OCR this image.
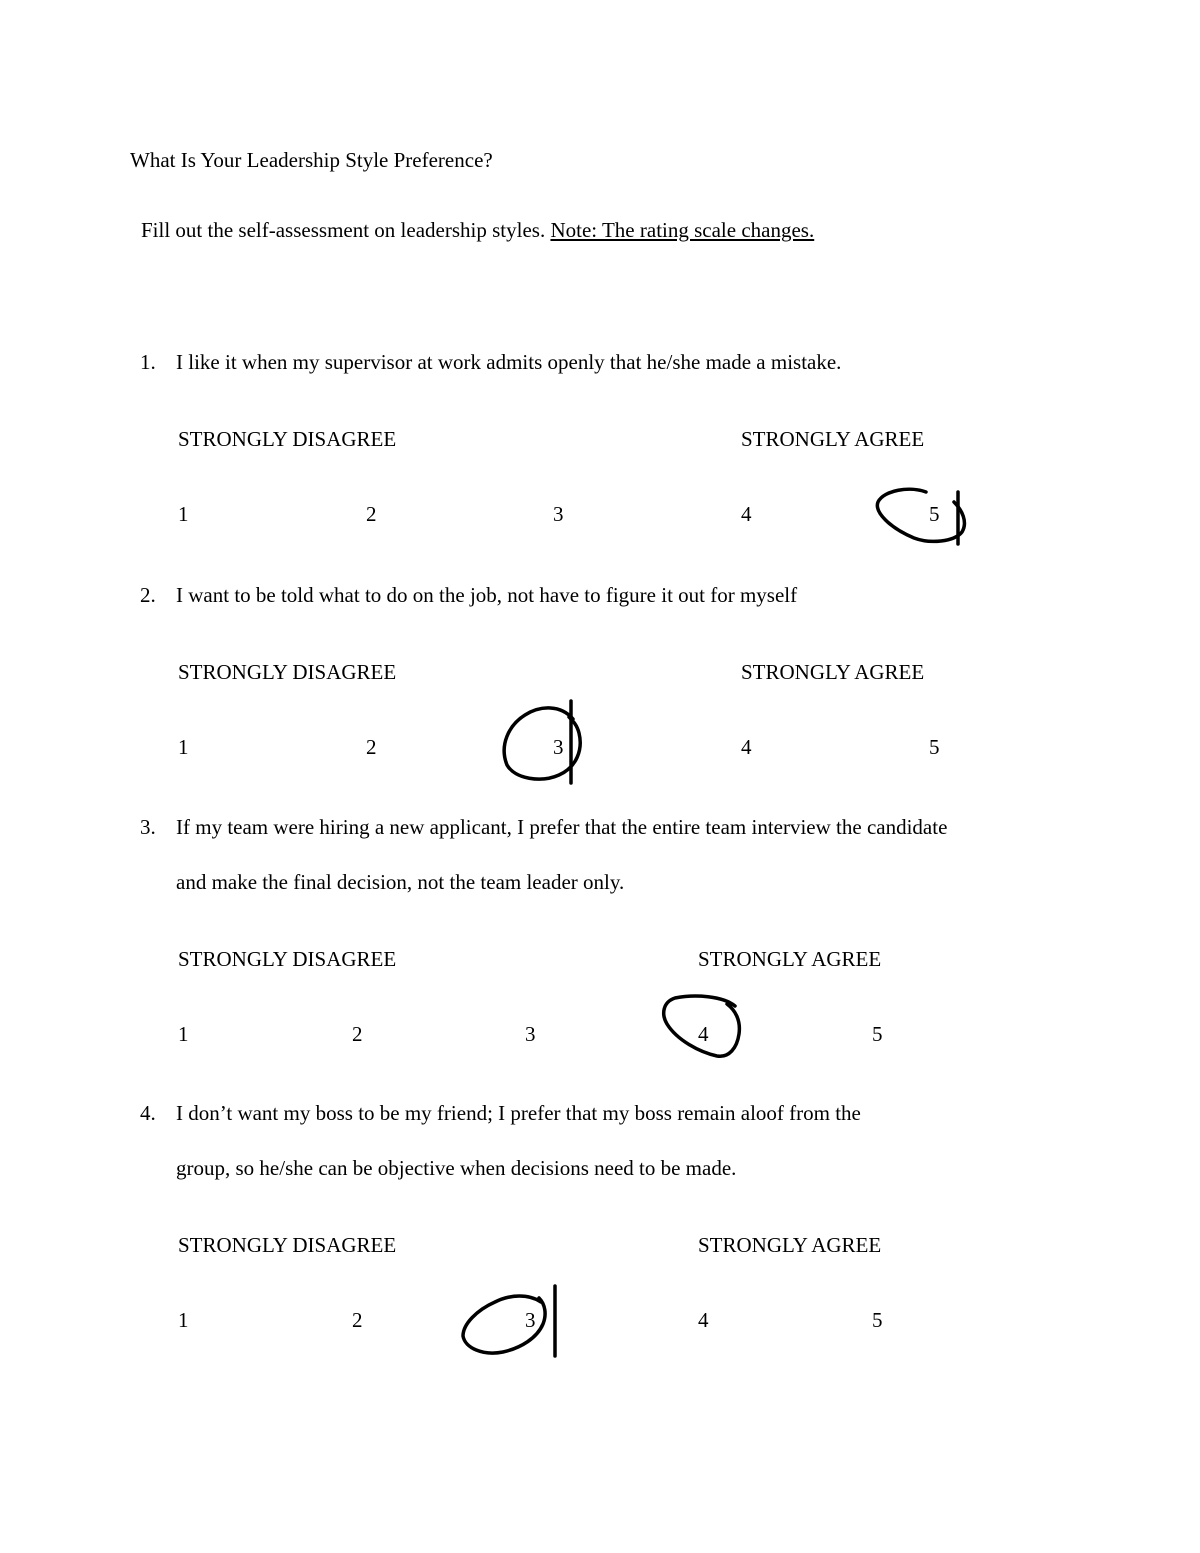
What Is Your Leadership Style Preference?
Fill out the self-assessment on leadership styles. Note: The rating scale changes.
1. I like it when my supervisor at work admits openly that he/she made a mistake.
STRONGLY DISAGREE	STRONGLY AGREE
1	2	3	4	5
2. I want to be told what to do on the job, not have to figure it out for myself
STRONGLY DISAGREE	STRONGLY AGREE
1	2	3	4	5
3. If my team were hiring a new applicant, I prefer that the entire team interview the candidate
and make the final decision, not the team leader only.
STRONGLY DISAGREE	STRONGLY AGREE
1	2	3	4	5
4. I don’t want my boss to be my friend; I prefer that my boss remain aloof from the
group, so he/she can be objective when decisions need to be made.
STRONGLY DISAGREE	STRONGLY AGREE
1	2	3	4	5
